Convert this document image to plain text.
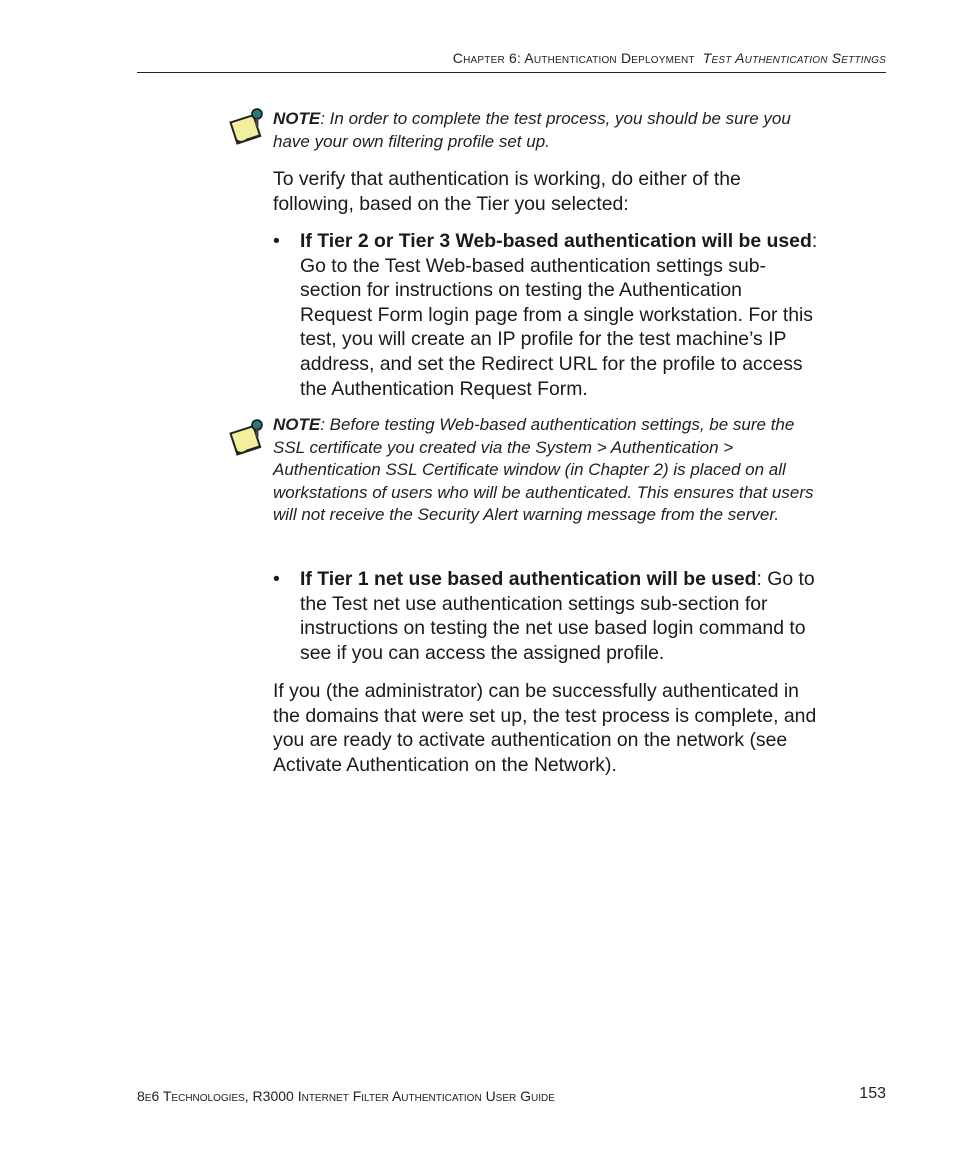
Chapter 6: Authentication Deployment Test Authentication Settings
NOTE: In order to complete the test process, you should be sure you have your own filtering profile set up.
To verify that authentication is working, do either of the following, based on the Tier you selected:
• If Tier 2 or Tier 3 Web-based authentication will be used: Go to the Test Web-based authentication settings sub-section for instructions on testing the Authentication Request Form login page from a single workstation. For this test, you will create an IP profile for the test machine’s IP address, and set the Redirect URL for the profile to access the Authentication Request Form.
NOTE: Before testing Web-based authentication settings, be sure the SSL certificate you created via the System > Authentication > Authentication SSL Certificate window (in Chapter 2) is placed on all workstations of users who will be authenticated. This ensures that users will not receive the Security Alert warning message from the server.
• If Tier 1 net use based authentication will be used: Go to the Test net use authentication settings sub-section for instructions on testing the net use based login command to see if you can access the assigned profile.
If you (the administrator) can be successfully authenticated in the domains that were set up, the test process is complete, and you are ready to activate authentication on the network (see Activate Authentication on the Network).
8e6 Technologies, R3000 Internet Filter Authentication User Guide	153
